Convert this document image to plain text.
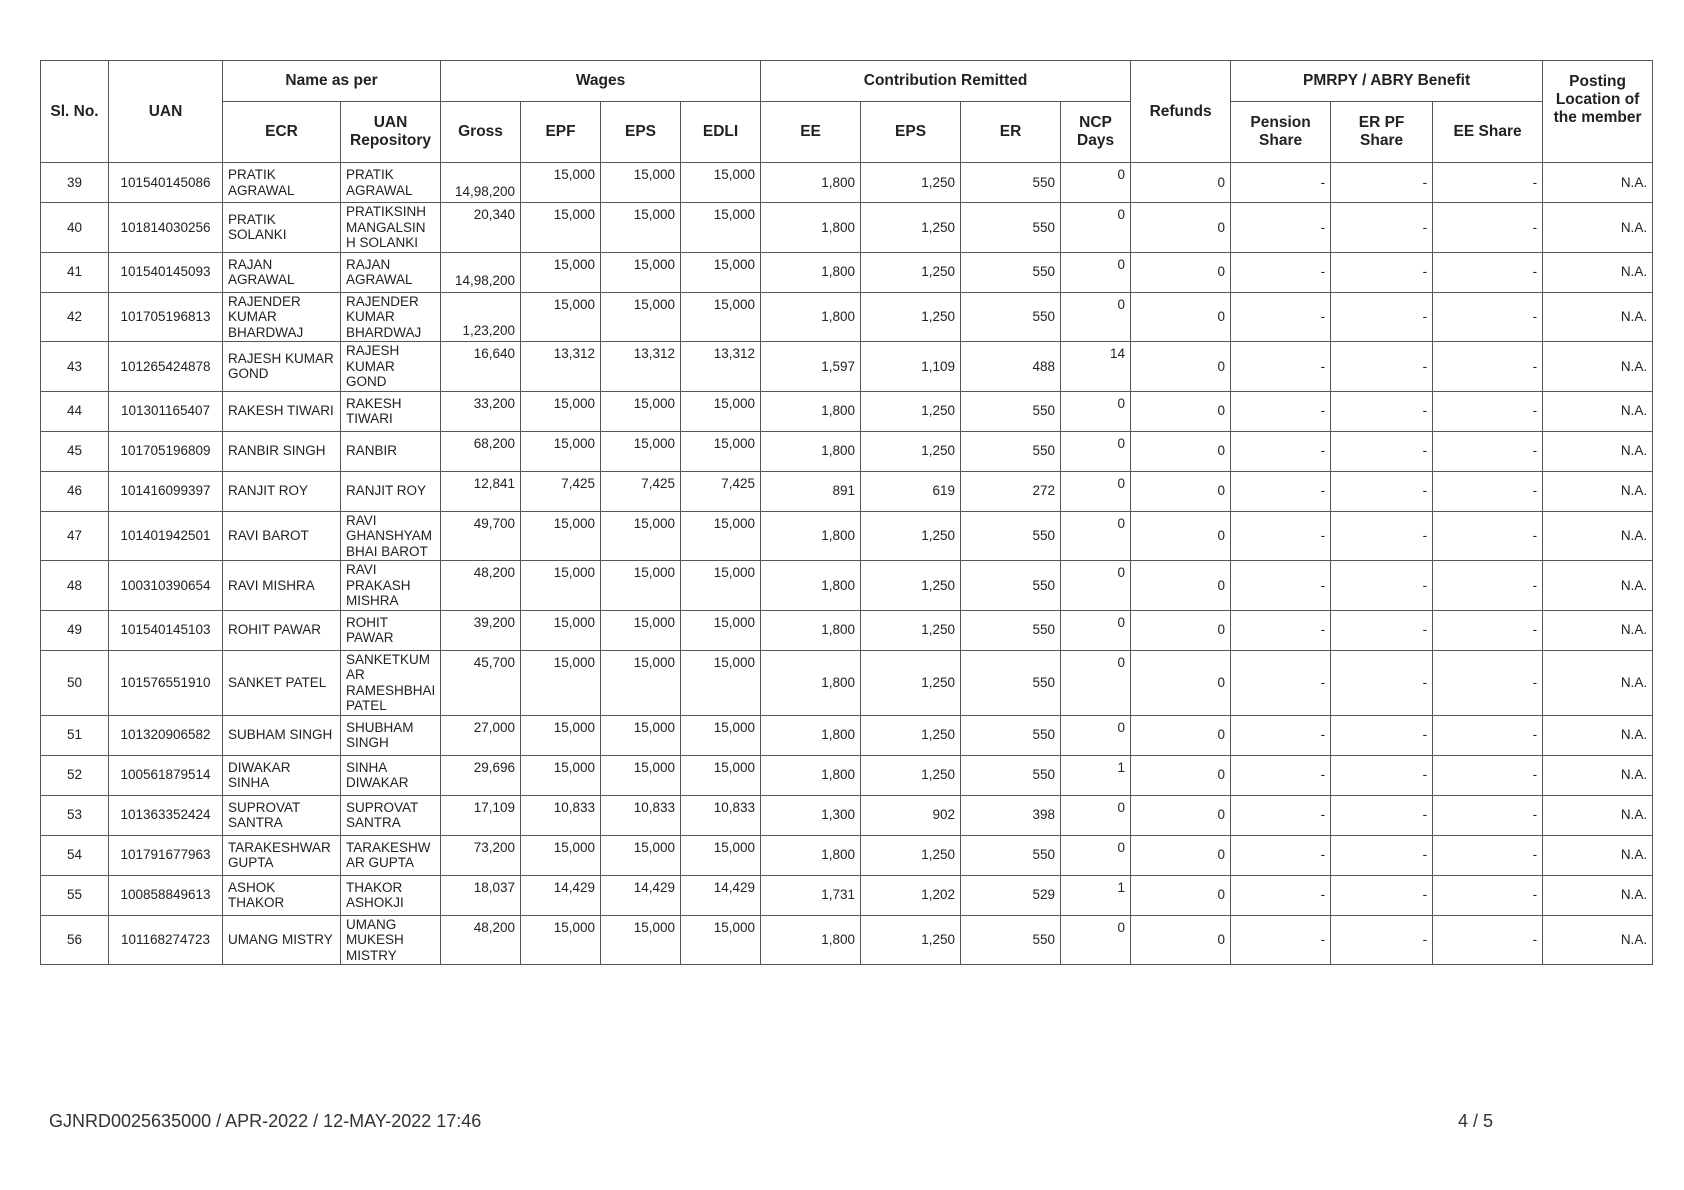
Sl. No.	UAN	Name as per		Wages				Contribution Remitted				Refunds	PMRPY / ABRY Benefit			Posting Location of the member
		ECR	UAN Repository	Gross	EPF	EPS	EDLI	EE	EPS	ER	NCP Days		Pension Share	ER PF Share	EE Share	
39	101540145086	PRATIK AGRAWAL	PRATIK AGRAWAL	14,98,200	15,000	15,000	15,000	1,800	1,250	550	0	0	-	-	-	N.A.
40	101814030256	PRATIK SOLANKI	PRATIKSINH MANGALSIN H SOLANKI	20,340	15,000	15,000	15,000	1,800	1,250	550	0	0	-	-	-	N.A.
41	101540145093	RAJAN AGRAWAL	RAJAN AGRAWAL	14,98,200	15,000	15,000	15,000	1,800	1,250	550	0	0	-	-	-	N.A.
42	101705196813	RAJENDER KUMAR BHARDWAJ	RAJENDER KUMAR BHARDWAJ	1,23,200	15,000	15,000	15,000	1,800	1,250	550	0	0	-	-	-	N.A.
43	101265424878	RAJESH KUMAR GOND	RAJESH KUMAR GOND	16,640	13,312	13,312	13,312	1,597	1,109	488	14	0	-	-	-	N.A.
44	101301165407	RAKESH TIWARI	RAKESH TIWARI	33,200	15,000	15,000	15,000	1,800	1,250	550	0	0	-	-	-	N.A.
45	101705196809	RANBIR SINGH	RANBIR	68,200	15,000	15,000	15,000	1,800	1,250	550	0	0	-	-	-	N.A.
46	101416099397	RANJIT ROY	RANJIT ROY	12,841	7,425	7,425	7,425	891	619	272	0	0	-	-	-	N.A.
47	101401942501	RAVI BAROT	RAVI GHANSHYAM BHAI BAROT	49,700	15,000	15,000	15,000	1,800	1,250	550	0	0	-	-	-	N.A.
48	100310390654	RAVI MISHRA	RAVI PRAKASH MISHRA	48,200	15,000	15,000	15,000	1,800	1,250	550	0	0	-	-	-	N.A.
49	101540145103	ROHIT PAWAR	ROHIT PAWAR	39,200	15,000	15,000	15,000	1,800	1,250	550	0	0	-	-	-	N.A.
50	101576551910	SANKET PATEL	SANKETKUM AR RAMESHBHAI PATEL	45,700	15,000	15,000	15,000	1,800	1,250	550	0	0	-	-	-	N.A.
51	101320906582	SUBHAM SINGH	SHUBHAM SINGH	27,000	15,000	15,000	15,000	1,800	1,250	550	0	0	-	-	-	N.A.
52	100561879514	DIWAKAR SINHA	SINHA DIWAKAR	29,696	15,000	15,000	15,000	1,800	1,250	550	1	0	-	-	-	N.A.
53	101363352424	SUPROVAT SANTRA	SUPROVAT SANTRA	17,109	10,833	10,833	10,833	1,300	902	398	0	0	-	-	-	N.A.
54	101791677963	TARAKESHWAR GUPTA	TARAKESHW AR GUPTA	73,200	15,000	15,000	15,000	1,800	1,250	550	0	0	-	-	-	N.A.
55	100858849613	ASHOK THAKOR	THAKOR ASHOKJI	18,037	14,429	14,429	14,429	1,731	1,202	529	1	0	-	-	-	N.A.
56	101168274723	UMANG MISTRY	UMANG MUKESH MISTRY	48,200	15,000	15,000	15,000	1,800	1,250	550	0	0	-	-	-	N.A.
GJNRD0025635000 / APR-2022 / 12-MAY-2022 17:46	4 / 5
